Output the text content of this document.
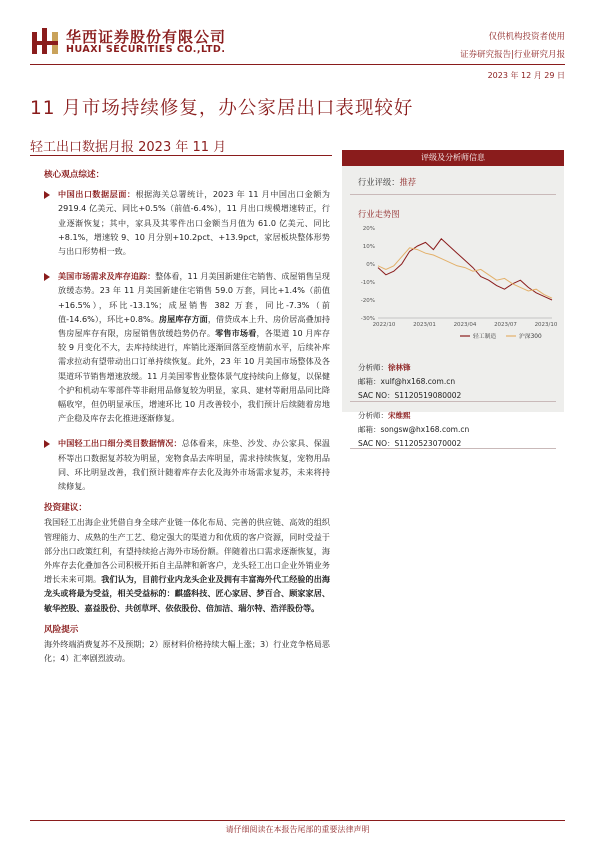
华西证券股份有限公司
HUAXI SECURITIES CO.,LTD.
仅供机构投资者使用
证券研究报告|行业研究月报
2023 年 12 月 29 日
11 月市场持续修复，办公家居出口表现较好
轻工出口数据月报 2023 年 11 月
核心观点综述：
中国出口数据层面：根据海关总署统计，2023 年 11 月中国出口金额为 2919.4 亿美元、同比+0.5%（前值-6.4%），11 月出口规模增速转正，行业逐渐恢复；其中，家具及其零件出口金额当月值为 61.0 亿美元、同比+8.1%，增速较 9、10 月分别+10.2pct、+13.9pct，家居板块整体形势与出口形势相一致。
美国市场需求及库存追踪：整体看，11 月美国新建住宅销售、成屋销售呈现放缓态势。23 年 11 月美国新建住宅销售 59.0 万套，同比+1.4%（前值+16.5%），环比-13.1%；成屋销售 382 万套，同比-7.3%（前值-14.6%），环比+0.8%。房屋库存方面，借贷成本上升、房价居高叠加持售房屋库存有限，房屋销售放缓趋势仍存。零售市场看，各渠道 10 月库存较 9 月变化不大，去库持续进行，库销比逐渐回落至疫情前水平，后续补库需求拉动有望带动出口订单持续恢复。此外，23 年 10 月美国市场整体及各渠道环节销售增速放缓。11 月美国零售业整体景气度持续向上修复，以保健个护和机动车零部件等非耐用品修复较为明显，家具、建材等耐用品同比降幅收窄，但仍明显承压，增速环比 10 月改善较小，我们预计后续随着房地产企稳及库存去化推进逐渐修复。
中国轻工出口细分类目数据情况：总体看来，床垫、沙发、办公家具、保温杯等出口数据复苏较为明显，宠物食品去库明显，需求持续恢复，宠物用品同、环比明显改善，我们预计随着库存去化及海外市场需求复苏，未来将持续修复。
投资建议：

我国轻工出海企业凭借自身全球产业链一体化布局、完善的供应链、高效的组织管理能力、成熟的生产工艺、稳定强大的渠道力和优质的客户资源，同时受益于部分出口政策红利，有望持续抢占海外市场份额。伴随着出口需求逐渐恢复，海外库存去化叠加各公司积极开拓自主品牌和新客户，龙头轻工出口企业外销业务增长未来可期。我们认为，目前行业内龙头企业及拥有丰富海外代工经验的出海龙头或将最为受益，相关受益标的：麒盛科技、匠心家居、梦百合、顾家家居、敏华控股、嘉益股份、共创草坪、依依股份、倍加洁、瑞尔特、浩洋股份等。

风险提示

海外终端消费复苏不及预期；2）原材料价格持续大幅上涨；3）行业竞争格局恶化；4）汇率剧烈波动。

评级及分析师信息
行业评级：推荐
行业走势图
20%
10%
0%
-10%
-20%
-30%
2022/10	2023/01	2023/04	2023/07	2023/10
轻工制造	沪深300
分析师：徐林锋
邮箱：xulf@hx168.com.cn
SAC NO：S1120519080002
分析师：宋维熙
邮箱：songsw@hx168.com.cn
SAC NO：S1120523070002
请仔细阅读在本报告尾部的重要法律声明
